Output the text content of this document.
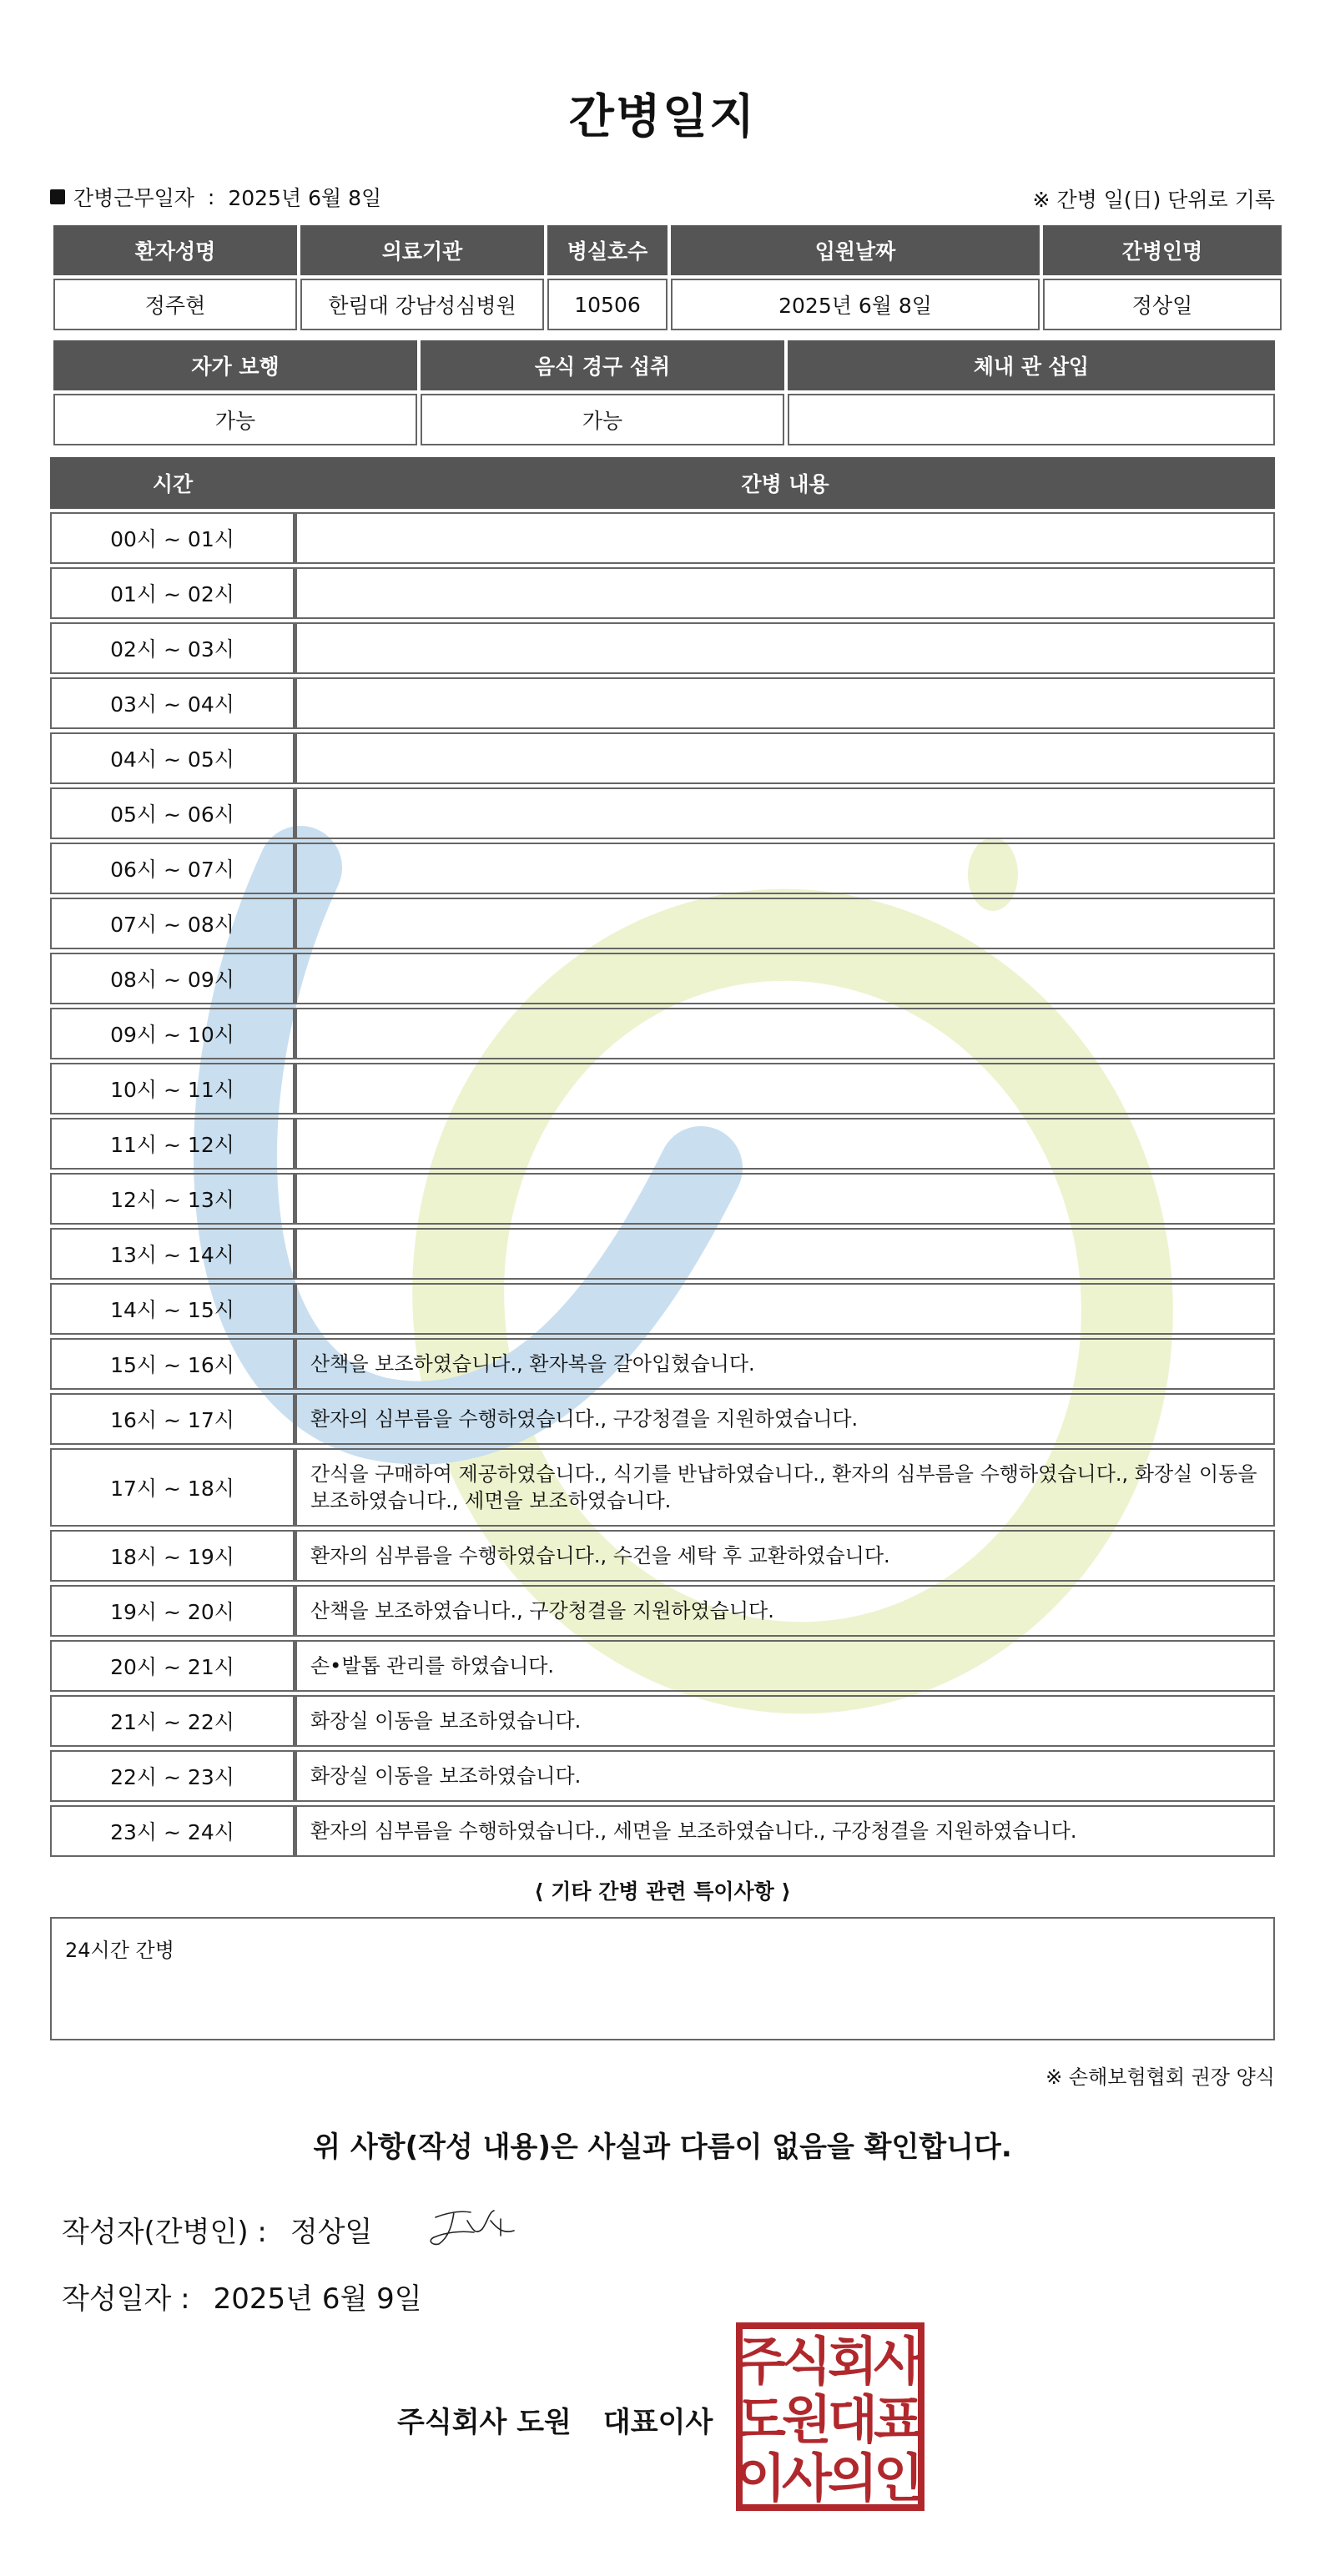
간병일지
간병근무일자 : 2025년 6월 8일	※ 간병 일(日) 단위로 기록
환자성명	의료기관	병실호수	입원날짜	간병인명
정주현	한림대 강남성심병원	10506	2025년 6월 8일	정상일
자가 보행	음식 경구 섭취	체내 관 삽입
가능	가능	
시간	간병 내용
00시 ~ 01시	
01시 ~ 02시	
02시 ~ 03시	
03시 ~ 04시	
04시 ~ 05시	
05시 ~ 06시	
06시 ~ 07시	
07시 ~ 08시	
08시 ~ 09시	
09시 ~ 10시	
10시 ~ 11시	
11시 ~ 12시	
12시 ~ 13시	
13시 ~ 14시	
14시 ~ 15시	
15시 ~ 16시	산책을 보조하였습니다., 환자복을 갈아입혔습니다.
16시 ~ 17시	환자의 심부름을 수행하였습니다., 구강청결을 지원하였습니다.
17시 ~ 18시	간식을 구매하여 제공하였습니다., 식기를 반납하였습니다., 환자의 심부름을 수행하였습니다., 화장실 이동을 보조하였습니다., 세면을 보조하였습니다.
18시 ~ 19시	환자의 심부름을 수행하였습니다., 수건을 세탁 후 교환하였습니다.
19시 ~ 20시	산책을 보조하였습니다., 구강청결을 지원하였습니다.
20시 ~ 21시	손•발톱 관리를 하였습니다.
21시 ~ 22시	화장실 이동을 보조하였습니다.
22시 ~ 23시	화장실 이동을 보조하였습니다.
23시 ~ 24시	환자의 심부름을 수행하였습니다., 세면을 보조하였습니다., 구강청결을 지원하였습니다.
⟨ 기타 간병 관련 특이사항 ⟩
24시간 간병
※ 손해보험협회 권장 양식
위 사항(작성 내용)은 사실과 다름이 없음을 확인합니다.
작성자(간병인) : 정상일
작성일자 : 2025년 6월 9일
주식회사 도원 대표이사
주
식
회
사
도
원
대
표
이
사
의
인
